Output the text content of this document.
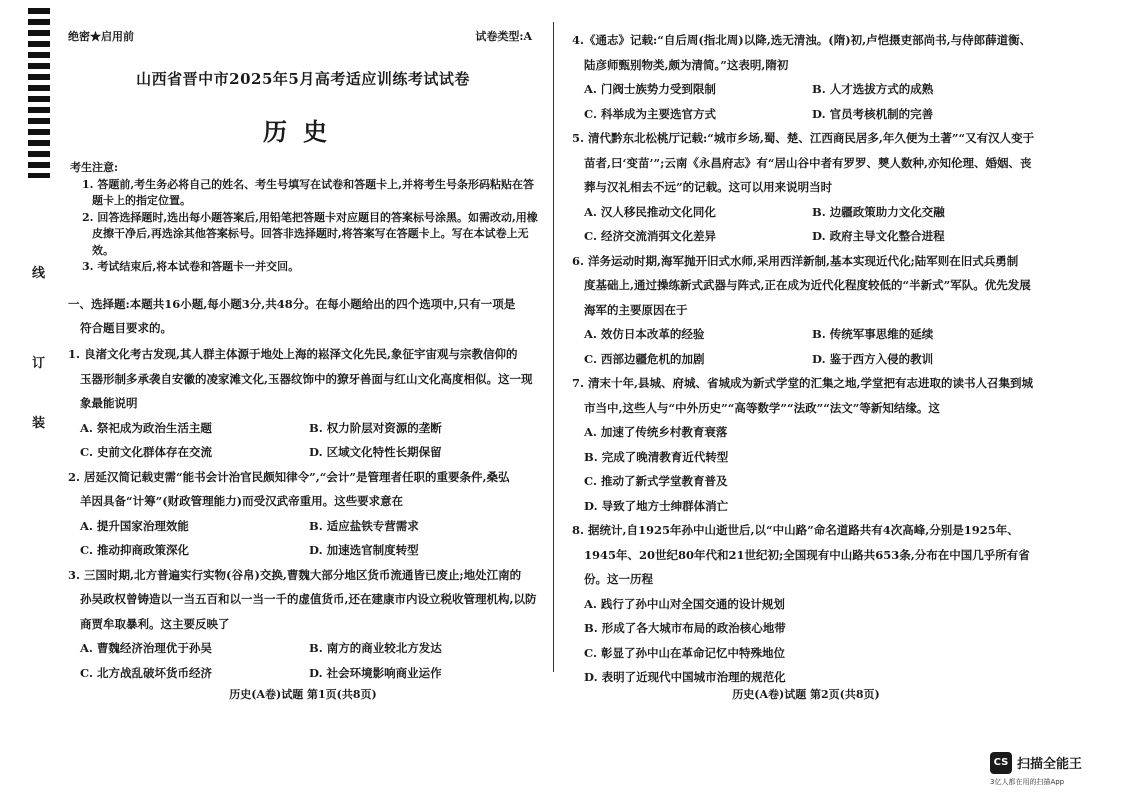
线
订
装
绝密★启用前	试卷类型:A
山西省晋中市2025年5月高考适应训练考试试卷
历史
考生注意:
1. 答题前,考生务必将自己的姓名、考生号填写在试卷和答题卡上,并将考生号条形码粘贴在答题卡上的指定位置。
2. 回答选择题时,选出每小题答案后,用铅笔把答题卡对应题目的答案标号涂黑。如需改动,用橡皮擦干净后,再选涂其他答案标号。回答非选择题时,将答案写在答题卡上。写在本试卷上无效。
3. 考试结束后,将本试卷和答题卡一并交回。
一、选择题:本题共16小题,每小题3分,共48分。在每小题给出的四个选项中,只有一项是
符合题目要求的。
1. 良渚文化考古发现,其人群主体源于地处上海的崧泽文化先民,象征宇宙观与宗教信仰的
玉器形制多承袭自安徽的凌家滩文化,玉器纹饰中的獠牙兽面与红山文化高度相似。这一现象最能说明
A. 祭祀成为政治生活主题	B. 权力阶层对资源的垄断
C. 史前文化群体存在交流	D. 区域文化特性长期保留
2. 居延汉简记载吏需“能书会计治官民颇知律令”,“会计”是管理者任职的重要条件,桑弘
羊因具备“计筹”(财政管理能力)而受汉武帝重用。这些要求意在
A. 提升国家治理效能	B. 适应盐铁专营需求
C. 推动抑商政策深化	D. 加速选官制度转型
3. 三国时期,北方普遍实行实物(谷帛)交换,曹魏大部分地区货币流通皆已废止;地处江南的
孙吴政权曾铸造以一当五百和以一当一千的虚值货币,还在建康市内设立税收管理机构,以防商贾牟取暴利。这主要反映了
A. 曹魏经济治理优于孙吴	B. 南方的商业较北方发达
C. 北方战乱破坏货币经济	D. 社会环境影响商业运作
历史(A卷)试题 第1页(共8页)
4.《通志》记载:“自后周(指北周)以降,选无清浊。(隋)初,卢恺摄吏部尚书,与侍郎薛道衡、
陆彦师甄别物类,颇为清简。”这表明,隋初
A. 门阀士族势力受到限制	B. 人才选拔方式的成熟
C. 科举成为主要选官方式	D. 官员考核机制的完善
5. 清代黔东北松桃厅记载:“城市乡场,蜀、楚、江西商民居多,年久便为土著”“又有汉人变于
苗者,曰‘变苗’”;云南《永昌府志》有“居山谷中者有罗罗、僰人数种,亦知伦理、婚姻、丧葬与汉礼相去不远”的记载。这可以用来说明当时
A. 汉人移民推动文化同化	B. 边疆政策助力文化交融
C. 经济交流消弭文化差异	D. 政府主导文化整合进程
6. 洋务运动时期,海军抛开旧式水师,采用西洋新制,基本实现近代化;陆军则在旧式兵勇制
度基础上,通过操练新式武器与阵式,正在成为近代化程度较低的“半新式”军队。优先发展海军的主要原因在于
A. 效仿日本改革的经验	B. 传统军事思维的延续
C. 西部边疆危机的加剧	D. 鉴于西方入侵的教训
7. 清末十年,县城、府城、省城成为新式学堂的汇集之地,学堂把有志进取的读书人召集到城
市当中,这些人与“中外历史”“高等数学”“法政”“法文”等新知结缘。这
A. 加速了传统乡村教育衰落
B. 完成了晚清教育近代转型
C. 推动了新式学堂教育普及
D. 导致了地方士绅群体消亡
8. 据统计,自1925年孙中山逝世后,以“中山路”命名道路共有4次高峰,分别是1925年、
1945年、20世纪80年代和21世纪初;全国现有中山路共653条,分布在中国几乎所有省份。这一历程
A. 践行了孙中山对全国交通的设计规划
B. 形成了各大城市布局的政治核心地带
C. 彰显了孙中山在革命记忆中特殊地位
D. 表明了近现代中国城市治理的规范化
历史(A卷)试题 第2页(共8页)
CS 扫描全能王
3亿人都在用的扫描App
